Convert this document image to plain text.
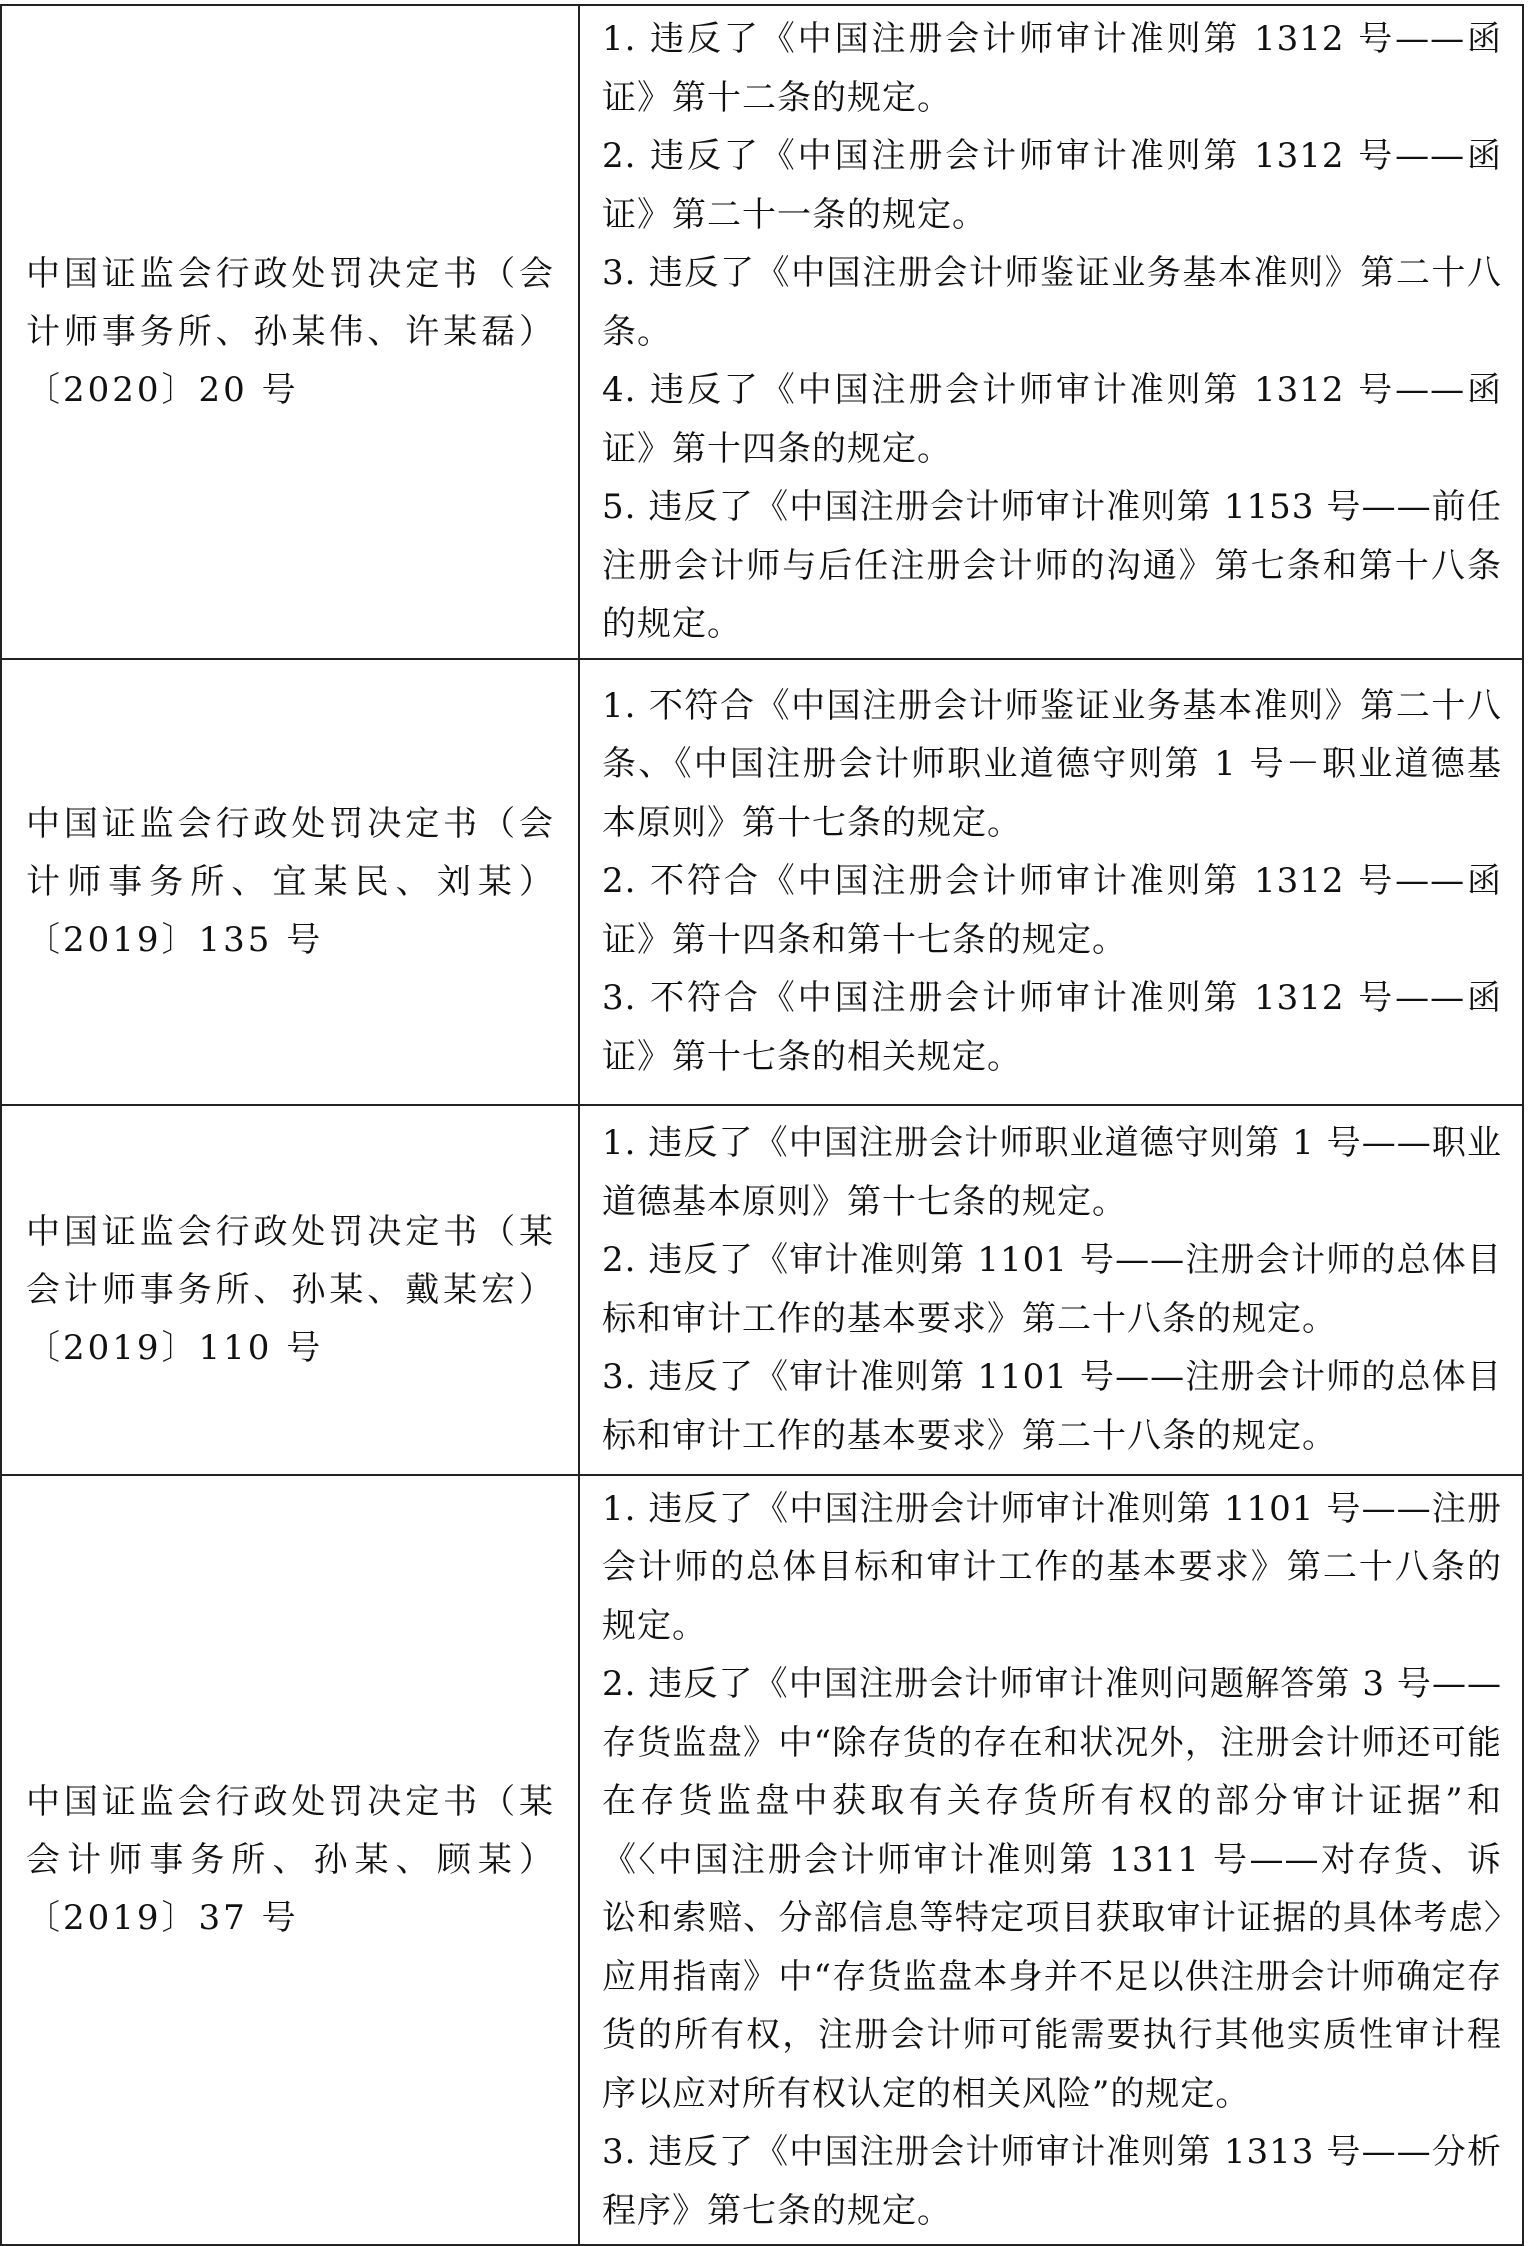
中国证监会行政处罚决定书（会计师事务所、孙某伟、许某磊）〔2020〕20 号	1. 违反了《中国注册会计师审计准则第 1312 号——函证》第十二条的规定。
2. 违反了《中国注册会计师审计准则第 1312 号——函证》第二十一条的规定。
3. 违反了《中国注册会计师鉴证业务基本准则》第二十八条。
4. 违反了《中国注册会计师审计准则第 1312 号——函证》第十四条的规定。
5. 违反了《中国注册会计师审计准则第 1153 号——前任注册会计师与后任注册会计师的沟通》第七条和第十八条的规定。

中国证监会行政处罚决定书（会计师事务所、宜某民、刘某）〔2019〕135 号	1. 不符合《中国注册会计师鉴证业务基本准则》第二十八条、《中国注册会计师职业道德守则第 1 号－职业道德基本原则》第十七条的规定。
2. 不符合《中国注册会计师审计准则第 1312 号——函证》第十四条和第十七条的规定。
3. 不符合《中国注册会计师审计准则第 1312 号——函证》第十七条的相关规定。

中国证监会行政处罚决定书（某会计师事务所、孙某、戴某宏）〔2019〕110 号	1. 违反了《中国注册会计师职业道德守则第 1 号——职业道德基本原则》第十七条的规定。
2. 违反了《审计准则第 1101 号——注册会计师的总体目标和审计工作的基本要求》第二十八条的规定。
3. 违反了《审计准则第 1101 号——注册会计师的总体目标和审计工作的基本要求》第二十八条的规定。

中国证监会行政处罚决定书（某会计师事务所、孙某、顾某）〔2019〕37 号	1. 违反了《中国注册会计师审计准则第 1101 号——注册会计师的总体目标和审计工作的基本要求》第二十八条的规定。
2. 违反了《中国注册会计师审计准则问题解答第 3 号——存货监盘》中“除存货的存在和状况外，注册会计师还可能在存货监盘中获取有关存货所有权的部分审计证据”和《〈中国注册会计师审计准则第 1311 号——对存货、诉讼和索赔、分部信息等特定项目获取审计证据的具体考虑〉应用指南》中“存货监盘本身并不足以供注册会计师确定存货的所有权，注册会计师可能需要执行其他实质性审计程序以应对所有权认定的相关风险”的规定。
3. 违反了《中国注册会计师审计准则第 1313 号——分析程序》第七条的规定。
